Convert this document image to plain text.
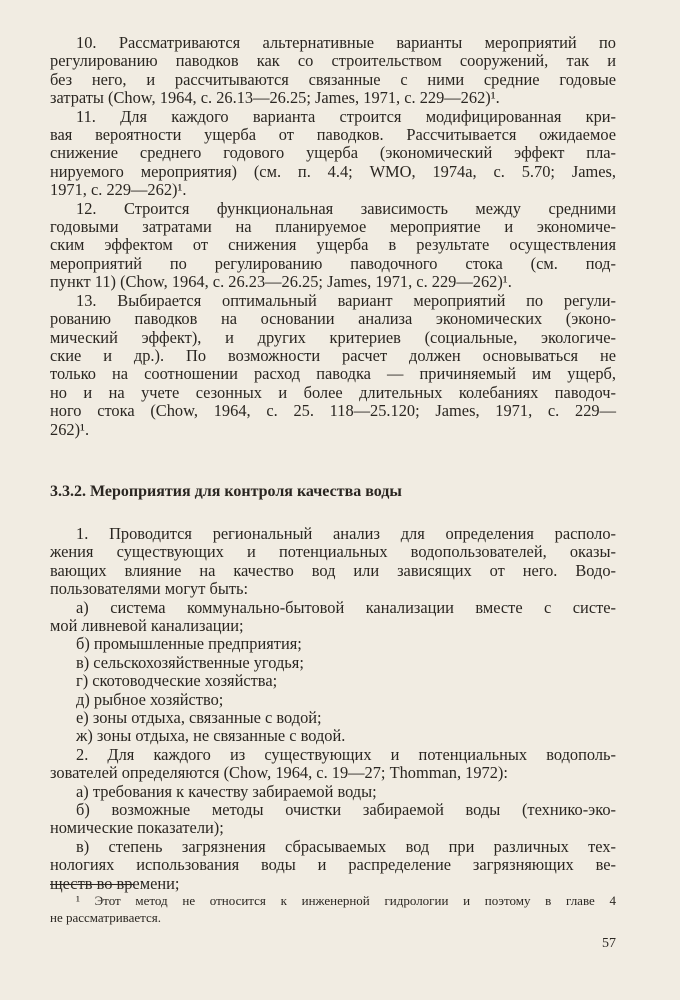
10. Рассматриваются альтернативные варианты мероприятий по
регулированию паводков как со строительством сооружений, так и
без него, и рассчитываются связанные с ними средние годовые
затраты (Chow, 1964, с. 26.13—26.25; James, 1971, с. 229—262)¹.
11. Для каждого варианта строится модифицированная кри-
вая вероятности ущерба от паводков. Рассчитывается ожидаемое
снижение среднего годового ущерба (экономический эффект пла-
нируемого мероприятия) (см. п. 4.4; WMO, 1974а, с. 5.70; James,
1971, с. 229—262)¹.
12. Строится функциональная зависимость между средними
годовыми затратами на планируемое мероприятие и экономиче-
ским эффектом от снижения ущерба в результате осуществления
мероприятий по регулированию паводочного стока (см. под-
пункт 11) (Chow, 1964, с. 26.23—26.25; James, 1971, с. 229—262)¹.
13. Выбирается оптимальный вариант мероприятий по регули-
рованию паводков на основании анализа экономических (эконо-
мический эффект), и других критериев (социальные, экологиче-
ские и др.). По возможности расчет должен основываться не
только на соотношении расход паводка — причиняемый им ущерб,
но и на учете сезонных и более длительных колебаниях паводоч-
ного стока (Chow, 1964, с. 25. 118—25.120; James, 1971, с. 229—
262)¹.
3.3.2. Мероприятия для контроля качества воды
1. Проводится региональный анализ для определения располо-
жения существующих и потенциальных водопользователей, оказы-
вающих влияние на качество вод или зависящих от него. Водо-
пользователями могут быть:
а) система коммунально-бытовой канализации вместе с систе-
мой ливневой канализации;
б) промышленные предприятия;
в) сельскохозяйственные угодья;
г) скотоводческие хозяйства;
д) рыбное хозяйство;
е) зоны отдыха, связанные с водой;
ж) зоны отдыха, не связанные с водой.
2. Для каждого из существующих и потенциальных водополь-
зователей определяются (Chow, 1964, с. 19—27; Thomman, 1972):
а) требования к качеству забираемой воды;
б) возможные методы очистки забираемой воды (технико-эко-
номические показатели);
в) степень загрязнения сбрасываемых вод при различных тех-
нологиях использования воды и распределение загрязняющих ве-
ществ во времени;
¹ Этот метод не относится к инженерной гидрологии и поэтому в главе 4
не рассматривается.
57
